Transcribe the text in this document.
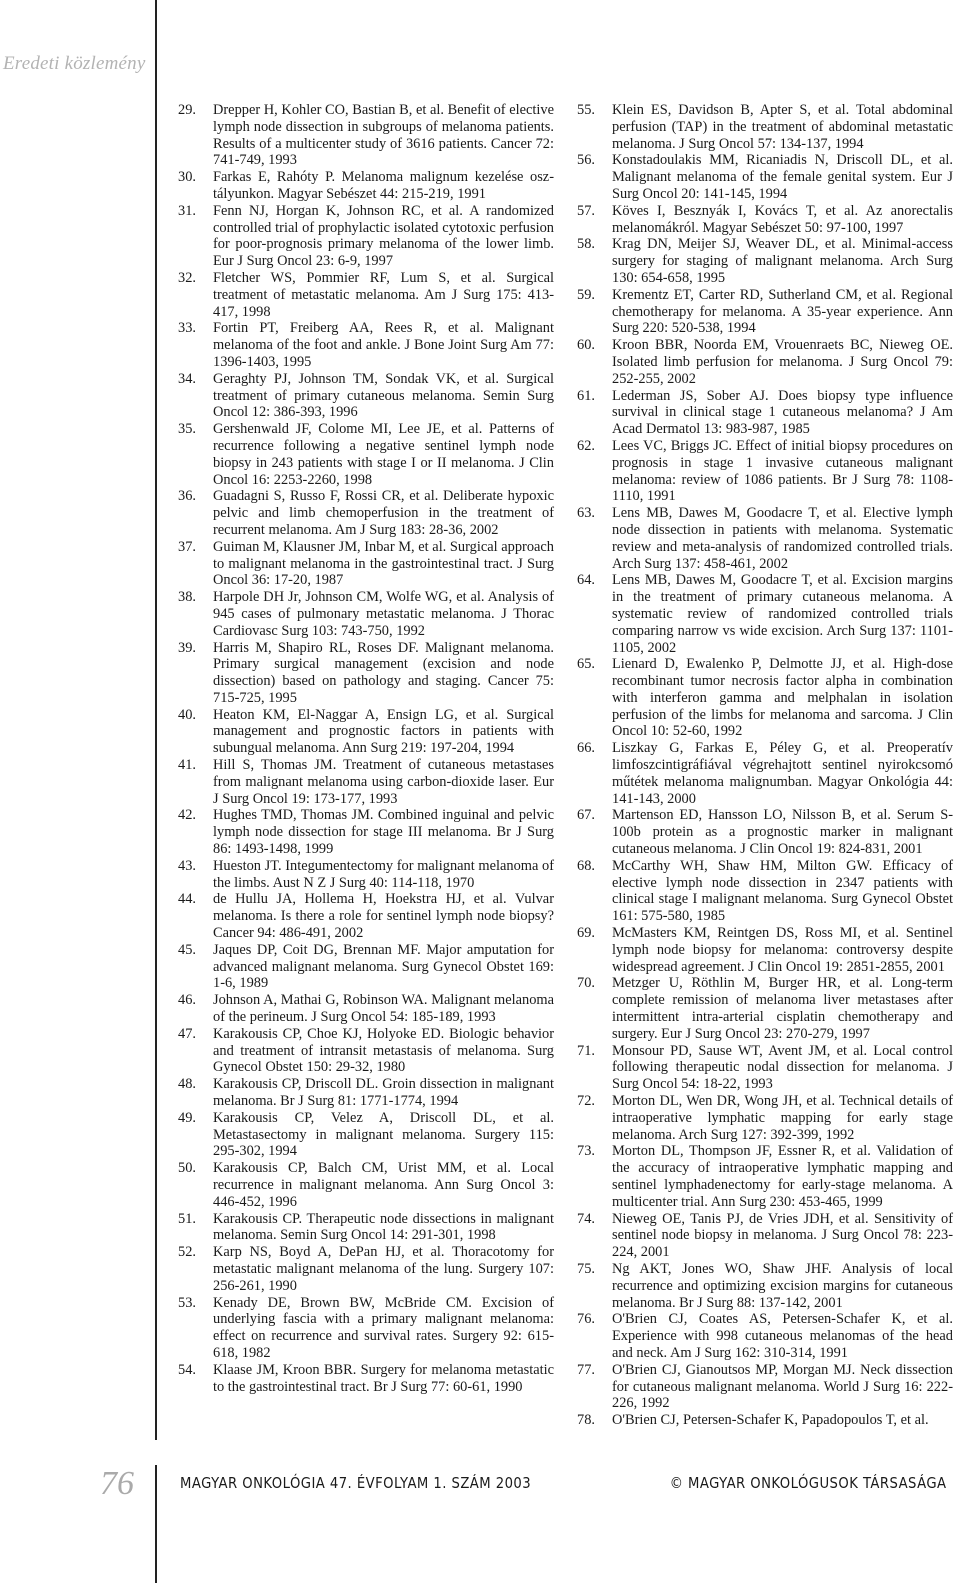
Eredeti közlemény
29. Drepper H, Kohler CO, Bastian B, et al. Benefit of elective lymph node dissection in subgroups of melanoma patients. Results of a multicenter study of 3616 patients. Cancer 72: 741-749, 1993
30. Farkas E, Rahóty P. Melanoma malignum kezelése osztályunkon. Magyar Sebészet 44: 215-219, 1991
31. Fenn NJ, Horgan K, Johnson RC, et al. A randomized controlled trial of prophylactic isolated cytotoxic perfusion for poor-prognosis primary melanoma of the lower limb. Eur J Surg Oncol 23: 6-9, 1997
32. Fletcher WS, Pommier RF, Lum S, et al. Surgical treatment of metastatic melanoma. Am J Surg 175: 413-417, 1998
33. Fortin PT, Freiberg AA, Rees R, et al. Malignant melanoma of the foot and ankle. J Bone Joint Surg Am 77: 1396-1403, 1995
34. Geraghty PJ, Johnson TM, Sondak VK, et al. Surgical treatment of primary cutaneous melanoma. Semin Surg Oncol 12: 386-393, 1996
35. Gershenwald JF, Colome MI, Lee JE, et al. Patterns of recurrence following a negative sentinel lymph node biopsy in 243 patients with stage I or II melanoma. J Clin Oncol 16: 2253-2260, 1998
36. Guadagni S, Russo F, Rossi CR, et al. Deliberate hypoxic pelvic and limb chemoperfusion in the treatment of recurrent melanoma. Am J Surg 183: 28-36, 2002
37. Guiman M, Klausner JM, Inbar M, et al. Surgical approach to malignant melanoma in the gastrointestinal tract. J Surg Oncol 36: 17-20, 1987
38. Harpole DH Jr, Johnson CM, Wolfe WG, et al. Analysis of 945 cases of pulmonary metastatic melanoma. J Thorac Cardiovasc Surg 103: 743-750, 1992
39. Harris M, Shapiro RL, Roses DF. Malignant melanoma. Primary surgical management (excision and node dissection) based on pathology and staging. Cancer 75: 715-725, 1995
40. Heaton KM, El-Naggar A, Ensign LG, et al. Surgical management and prognostic factors in patients with subungual melanoma. Ann Surg 219: 197-204, 1994
41. Hill S, Thomas JM. Treatment of cutaneous metastases from malignant melanoma using carbon-dioxide laser. Eur J Surg Oncol 19: 173-177, 1993
42. Hughes TMD, Thomas JM. Combined inguinal and pelvic lymph node dissection for stage III melanoma. Br J Surg 86: 1493-1498, 1999
43. Hueston JT. Integumentectomy for malignant melanoma of the limbs. Aust N Z J Surg 40: 114-118, 1970
44. de Hullu JA, Hollema H, Hoekstra HJ, et al. Vulvar melanoma. Is there a role for sentinel lymph node biopsy? Cancer 94: 486-491, 2002
45. Jaques DP, Coit DG, Brennan MF. Major amputation for advanced malignant melanoma. Surg Gynecol Obstet 169: 1-6, 1989
46. Johnson A, Mathai G, Robinson WA. Malignant melanoma of the perineum. J Surg Oncol 54: 185-189, 1993
47. Karakousis CP, Choe KJ, Holyoke ED. Biologic behavior and treatment of intransit metastasis of melanoma. Surg Gynecol Obstet 150: 29-32, 1980
48. Karakousis CP, Driscoll DL. Groin dissection in malignant melanoma. Br J Surg 81: 1771-1774, 1994
49. Karakousis CP, Velez A, Driscoll DL, et al. Metastasectomy in malignant melanoma. Surgery 115: 295-302, 1994
50. Karakousis CP, Balch CM, Urist MM, et al. Local recurrence in malignant melanoma. Ann Surg Oncol 3: 446-452, 1996
51. Karakousis CP. Therapeutic node dissections in malignant melanoma. Semin Surg Oncol 14: 291-301, 1998
52. Karp NS, Boyd A, DePan HJ, et al. Thoracotomy for metastatic malignant melanoma of the lung. Surgery 107: 256-261, 1990
53. Kenady DE, Brown BW, McBride CM. Excision of underlying fascia with a primary malignant melanoma: effect on recurrence and survival rates. Surgery 92: 615-618, 1982
54. Klaase JM, Kroon BBR. Surgery for melanoma metastatic to the gastrointestinal tract. Br J Surg 77: 60-61, 1990
55. Klein ES, Davidson B, Apter S, et al. Total abdominal perfusion (TAP) in the treatment of abdominal metastatic melanoma. J Surg Oncol 57: 134-137, 1994
56. Konstadoulakis MM, Ricaniadis N, Driscoll DL, et al. Malignant melanoma of the female genital system. Eur J Surg Oncol 20: 141-145, 1994
57. Köves I, Besznyák I, Kovács T, et al. Az anorectalis melanomákról. Magyar Sebészet 50: 97-100, 1997
58. Krag DN, Meijer SJ, Weaver DL, et al. Minimal-access surgery for staging of malignant melanoma. Arch Surg 130: 654-658, 1995
59. Krementz ET, Carter RD, Sutherland CM, et al. Regional chemotherapy for melanoma. A 35-year experience. Ann Surg 220: 520-538, 1994
60. Kroon BBR, Noorda EM, Vrouenraets BC, Nieweg OE. Isolated limb perfusion for melanoma. J Surg Oncol 79: 252-255, 2002
61. Lederman JS, Sober AJ. Does biopsy type influence survival in clinical stage 1 cutaneous melanoma? J Am Acad Dermatol 13: 983-987, 1985
62. Lees VC, Briggs JC. Effect of initial biopsy procedures on prognosis in stage 1 invasive cutaneous malignant melanoma: review of 1086 patients. Br J Surg 78: 1108-1110, 1991
63. Lens MB, Dawes M, Goodacre T, et al. Elective lymph node dissection in patients with melanoma. Systematic review and meta-analysis of randomized controlled trials. Arch Surg 137: 458-461, 2002
64. Lens MB, Dawes M, Goodacre T, et al. Excision margins in the treatment of primary cutaneous melanoma. A systematic review of randomized controlled trials comparing narrow vs wide excision. Arch Surg 137: 1101-1105, 2002
65. Lienard D, Ewalenko P, Delmotte JJ, et al. High-dose recombinant tumor necrosis factor alpha in combination with interferon gamma and melphalan in isolation perfusion of the limbs for melanoma and sarcoma. J Clin Oncol 10: 52-60, 1992
66. Liszkay G, Farkas E, Péley G, et al. Preoperatív limfoszcintigráfiával végrehajtott sentinel nyirokcsomó műtétek melanoma malignumban. Magyar Onkológia 44: 141-143, 2000
67. Martenson ED, Hansson LO, Nilsson B, et al. Serum S-100b protein as a prognostic marker in malignant cutaneous melanoma. J Clin Oncol 19: 824-831, 2001
68. McCarthy WH, Shaw HM, Milton GW. Efficacy of elective lymph node dissection in 2347 patients with clinical stage I malignant melanoma. Surg Gynecol Obstet 161: 575-580, 1985
69. McMasters KM, Reintgen DS, Ross MI, et al. Sentinel lymph node biopsy for melanoma: controversy despite widespread agreement. J Clin Oncol 19: 2851-2855, 2001
70. Metzger U, Röthlin M, Burger HR, et al. Long-term complete remission of melanoma liver metastases after intermittent intra-arterial cisplatin chemotherapy and surgery. Eur J Surg Oncol 23: 270-279, 1997
71. Monsour PD, Sause WT, Avent JM, et al. Local control following therapeutic nodal dissection for melanoma. J Surg Oncol 54: 18-22, 1993
72. Morton DL, Wen DR, Wong JH, et al. Technical details of intraoperative lymphatic mapping for early stage melanoma. Arch Surg 127: 392-399, 1992
73. Morton DL, Thompson JF, Essner R, et al. Validation of the accuracy of intraoperative lymphatic mapping and sentinel lymphadenectomy for early-stage melanoma. A multicenter trial. Ann Surg 230: 453-465, 1999
74. Nieweg OE, Tanis PJ, de Vries JDH, et al. Sensitivity of sentinel node biopsy in melanoma. J Surg Oncol 78: 223-224, 2001
75. Ng AKT, Jones WO, Shaw JHF. Analysis of local recurrence and optimizing excision margins for cutaneous melanoma. Br J Surg 88: 137-142, 2001
76. O'Brien CJ, Coates AS, Petersen-Schafer K, et al. Experience with 998 cutaneous melanomas of the head and neck. Am J Surg 162: 310-314, 1991
77. O'Brien CJ, Gianoutsos MP, Morgan MJ. Neck dissection for cutaneous malignant melanoma. World J Surg 16: 222-226, 1992
78. O'Brien CJ, Petersen-Schafer K, Papadopoulos T, et al.
76	MAGYAR ONKOLÓGIA 47. ÉVFOLYAM 1. SZÁM 2003	© MAGYAR ONKOLÓGUSOK TÁRSASÁGA
